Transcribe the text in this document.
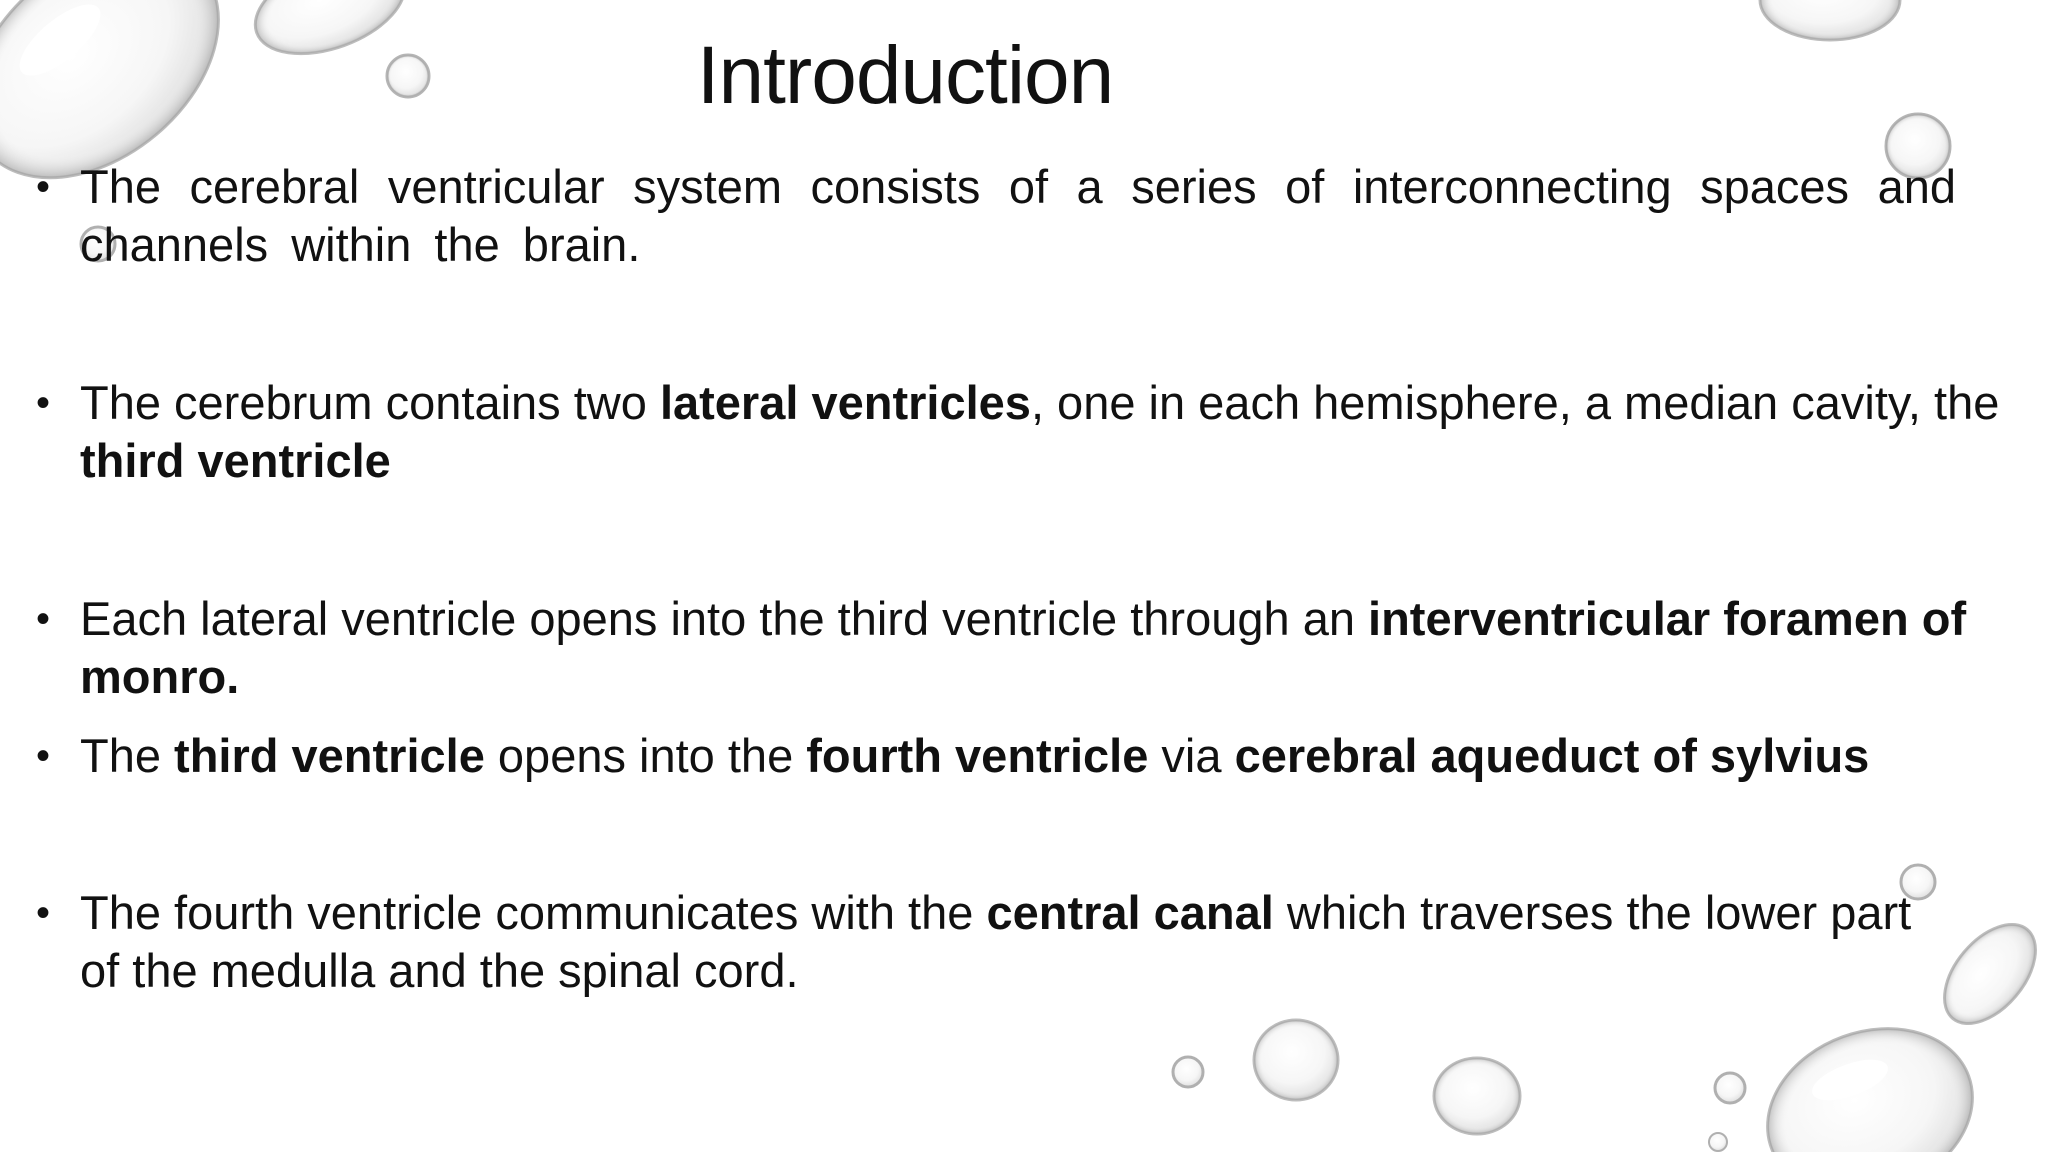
Introduction
• The cerebral ventricular system consists of a series of interconnecting spaces and channels within the brain.
• The cerebrum contains two lateral ventricles, one in each hemisphere, a median cavity, the third ventricle
• Each lateral ventricle opens into the third ventricle through an interventricular foramen of monro.
• The third ventricle opens into the fourth ventricle via cerebral aqueduct of sylvius
• The fourth ventricle communicates with the central canal which traverses the lower part of the medulla and the spinal cord.
